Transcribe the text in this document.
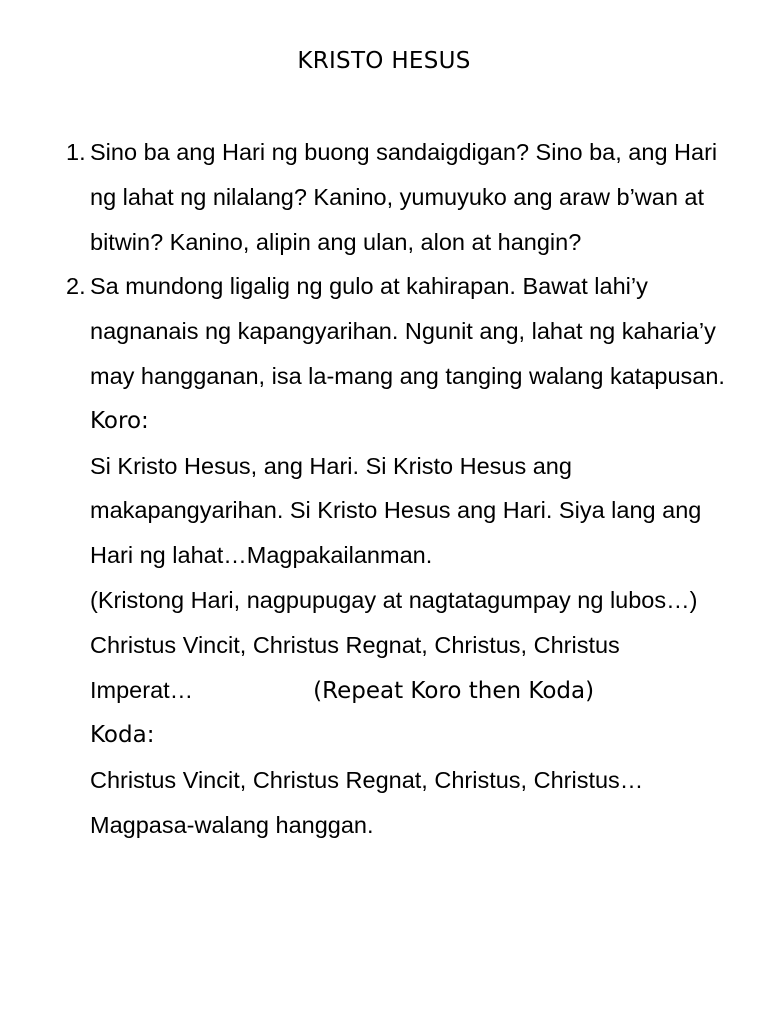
KRISTO HESUS
1. Sino ba ang Hari ng buong sandaigdigan? Sino ba, ang Hari ng lahat ng nilalang? Kanino, yumuyuko ang araw b’wan at bitwin? Kanino, alipin ang ulan, alon at hangin?
2. Sa mundong ligalig ng gulo at kahirapan. Bawat lahi’y nagnanais ng kapangyarihan. Ngunit ang, lahat ng kaharia’y may hangganan, isa la-mang ang tanging walang katapusan.
Koro:
Si Kristo Hesus, ang Hari. Si Kristo Hesus ang makapangyarihan. Si Kristo Hesus ang Hari. Siya lang ang Hari ng lahat…Magpakailanman.
(Kristong Hari, nagpupugay at nagtatagumpay ng lubos…)
Christus Vincit, Christus Regnat, Christus, Christus
Imperat…	(Repeat Koro then Koda)
Koda:
Christus Vincit, Christus Regnat, Christus, Christus…
Magpasa-walang hanggan.
